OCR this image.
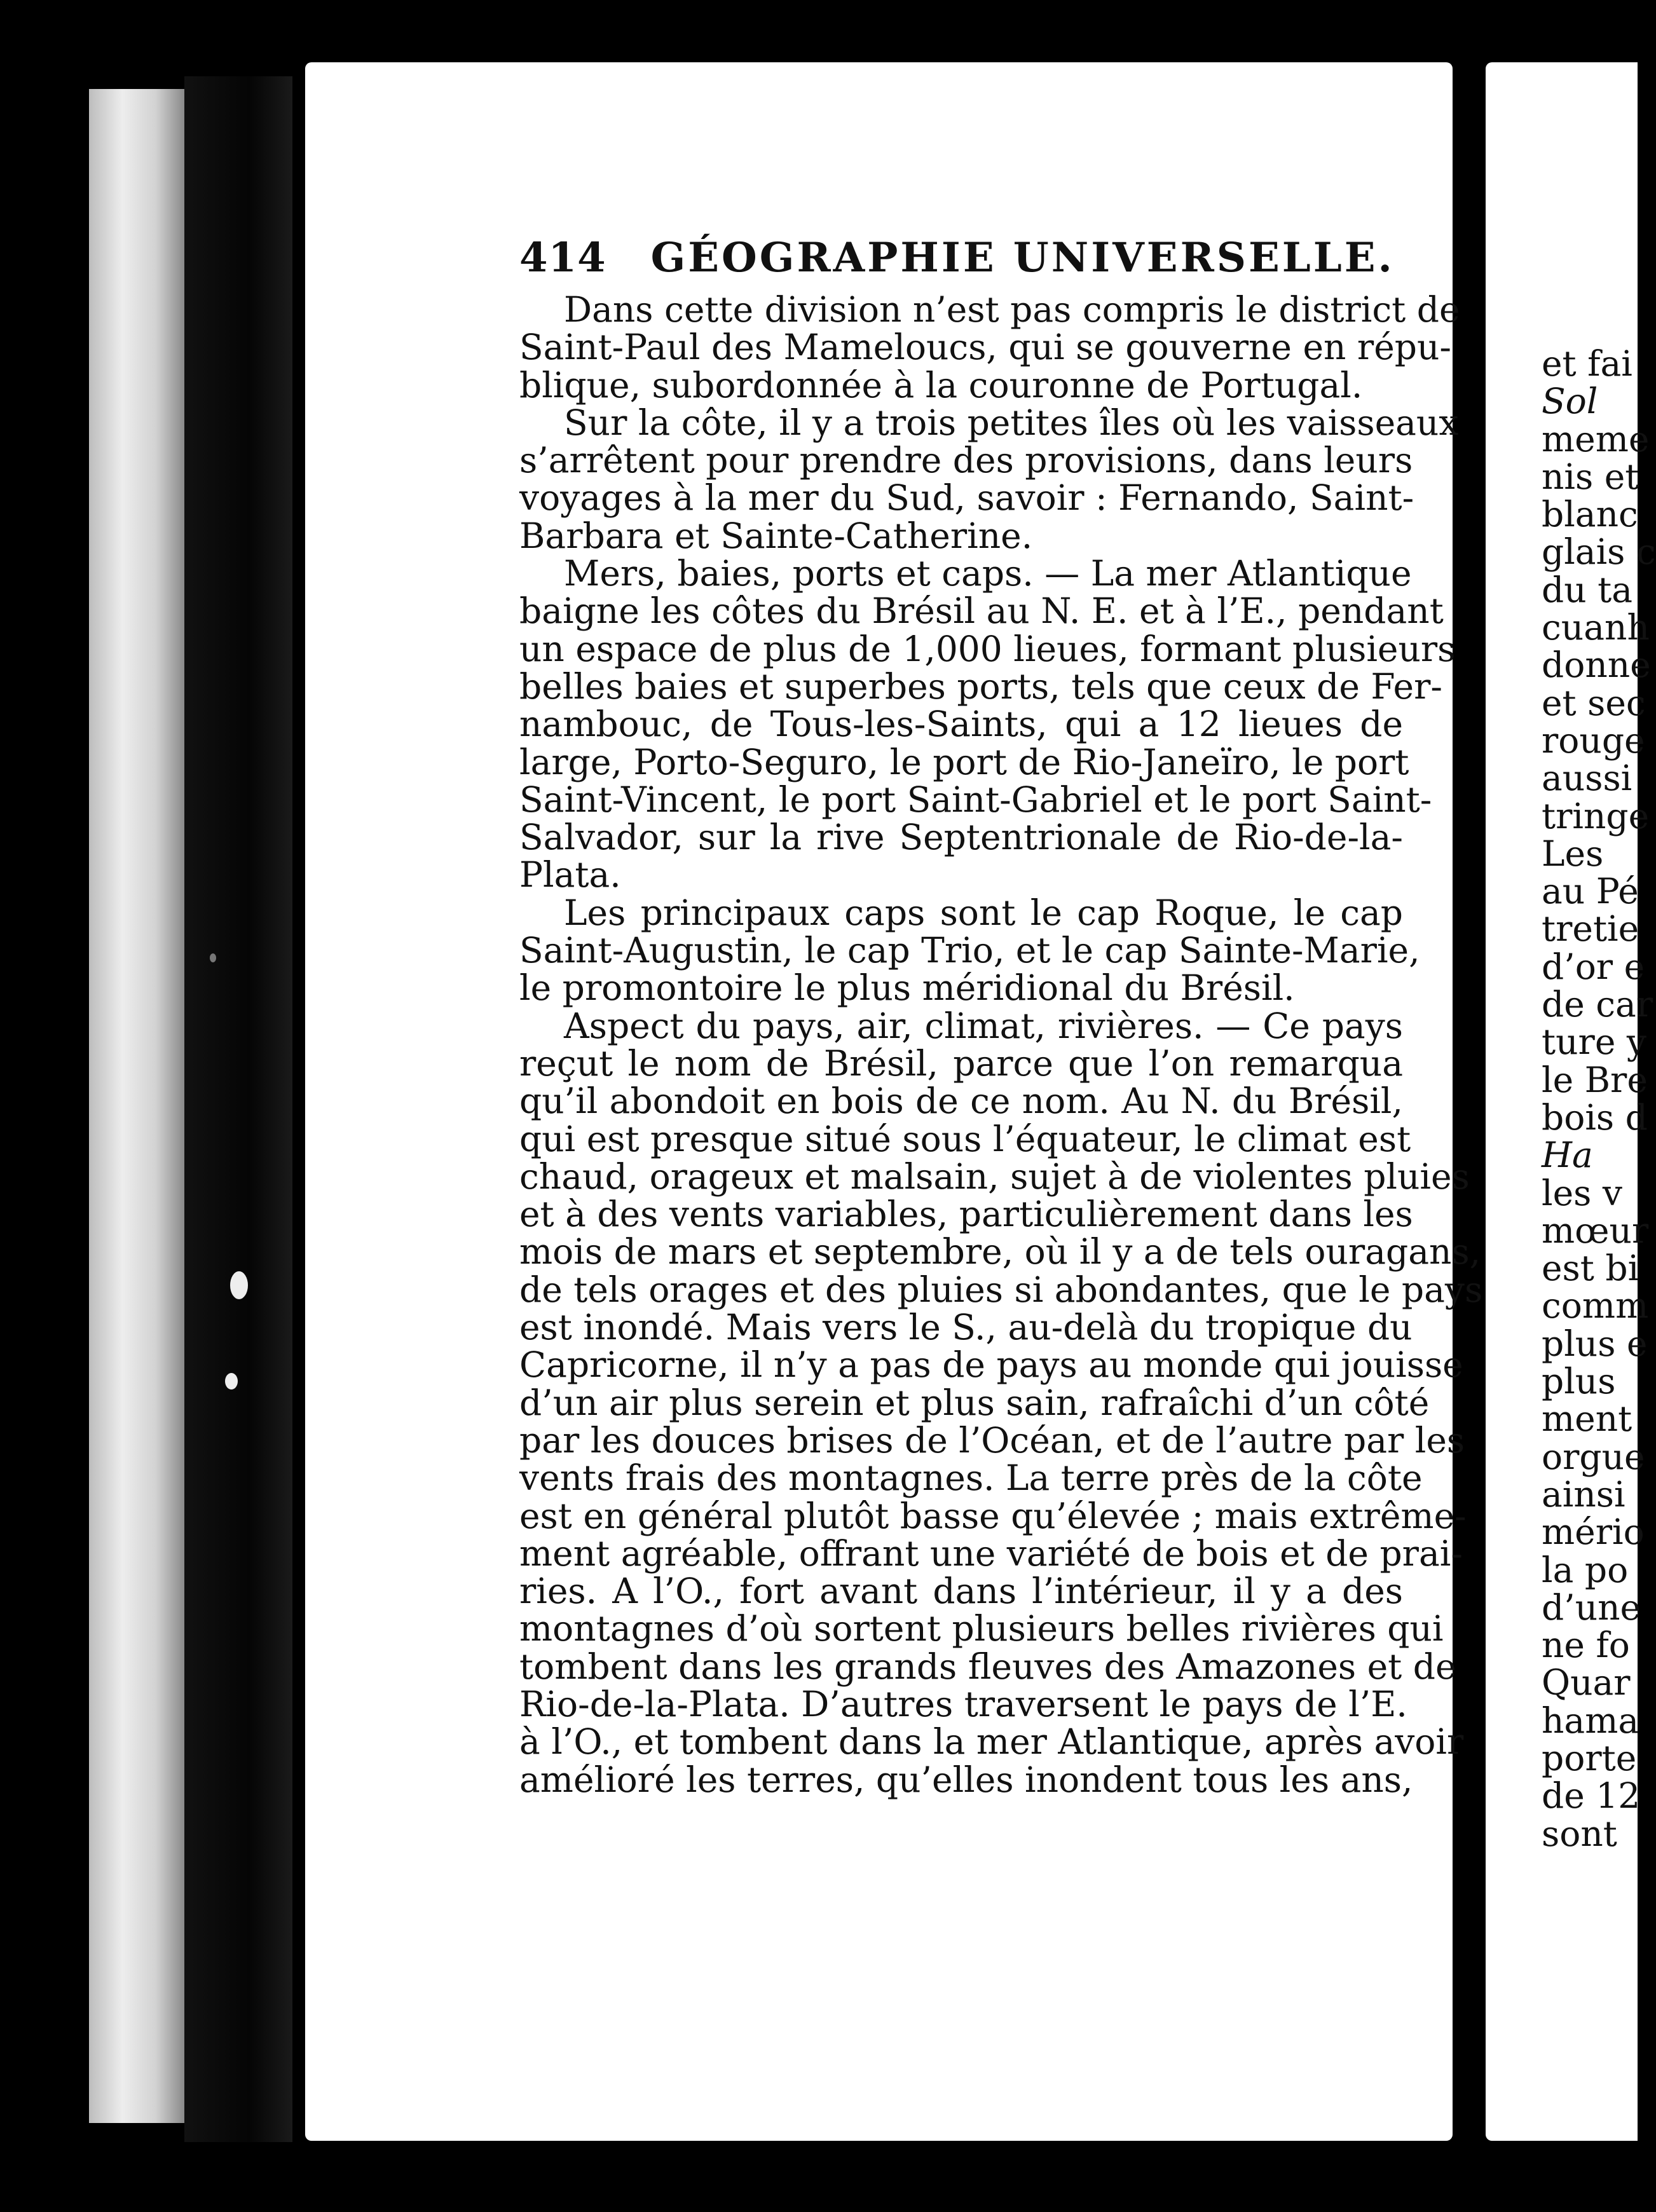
414 GÉOGRAPHIE UNIVERSELLE.
Dans cette division n’est pas compris le district de
Saint-Paul des Mameloucs, qui se gouverne en répu-
blique, subordonnée à la couronne de Portugal.
Sur la côte, il y a trois petites îles où les vaisseaux
s’arrêtent pour prendre des provisions, dans leurs
voyages à la mer du Sud, savoir : Fernando, Saint-
Barbara et Sainte-Catherine.
Mers, baies, ports et caps. — La mer Atlantique
baigne les côtes du Brésil au N. E. et à l’E., pendant
un espace de plus de 1,000 lieues, formant plusieurs
belles baies et superbes ports, tels que ceux de Fer-
nambouc, de Tous-les-Saints, qui a 12 lieues de
large, Porto-Seguro, le port de Rio-Janeïro, le port
Saint-Vincent, le port Saint-Gabriel et le port Saint-
Salvador, sur la rive Septentrionale de Rio-de-la-
Plata.
Les principaux caps sont le cap Roque, le cap
Saint-Augustin, le cap Trio, et le cap Sainte-Marie,
le promontoire le plus méridional du Brésil.
Aspect du pays, air, climat, rivières. — Ce pays
reçut le nom de Brésil, parce que l’on remarqua
qu’il abondoit en bois de ce nom. Au N. du Brésil,
qui est presque situé sous l’équateur, le climat est
chaud, orageux et malsain, sujet à de violentes pluies
et à des vents variables, particulièrement dans les
mois de mars et septembre, où il y a de tels ouragans,
de tels orages et des pluies si abondantes, que le pays
est inondé. Mais vers le S., au-delà du tropique du
Capricorne, il n’y a pas de pays au monde qui jouisse
d’un air plus serein et plus sain, rafraîchi d’un côté
par les douces brises de l’Océan, et de l’autre par les
vents frais des montagnes. La terre près de la côte
est en général plutôt basse qu’élevée ; mais extrême-
ment agréable, offrant une variété de bois et de prai-
ries. A l’O., fort avant dans l’intérieur, il y a des
montagnes d’où sortent plusieurs belles rivières qui
tombent dans les grands fleuves des Amazones et de
Rio-de-la-Plata. D’autres traversent le pays de l’E.
à l’O., et tombent dans la mer Atlantique, après avoir
amélioré les terres, qu’elles inondent tous les ans,
et fai
Sol
meme
nis et
blanc
glais c
du ta
cuanh
donne
et sec
rouge
aussi
tringe
Les
au Pé
tretie
d’or e
de car
ture y
le Bre
bois d
Ha
les v
mœur
est bi
comm
plus e
plus
ment
orgue
ainsi
mério
la po
d’une
ne fo
Quar
hama
porte
de 12
sont
